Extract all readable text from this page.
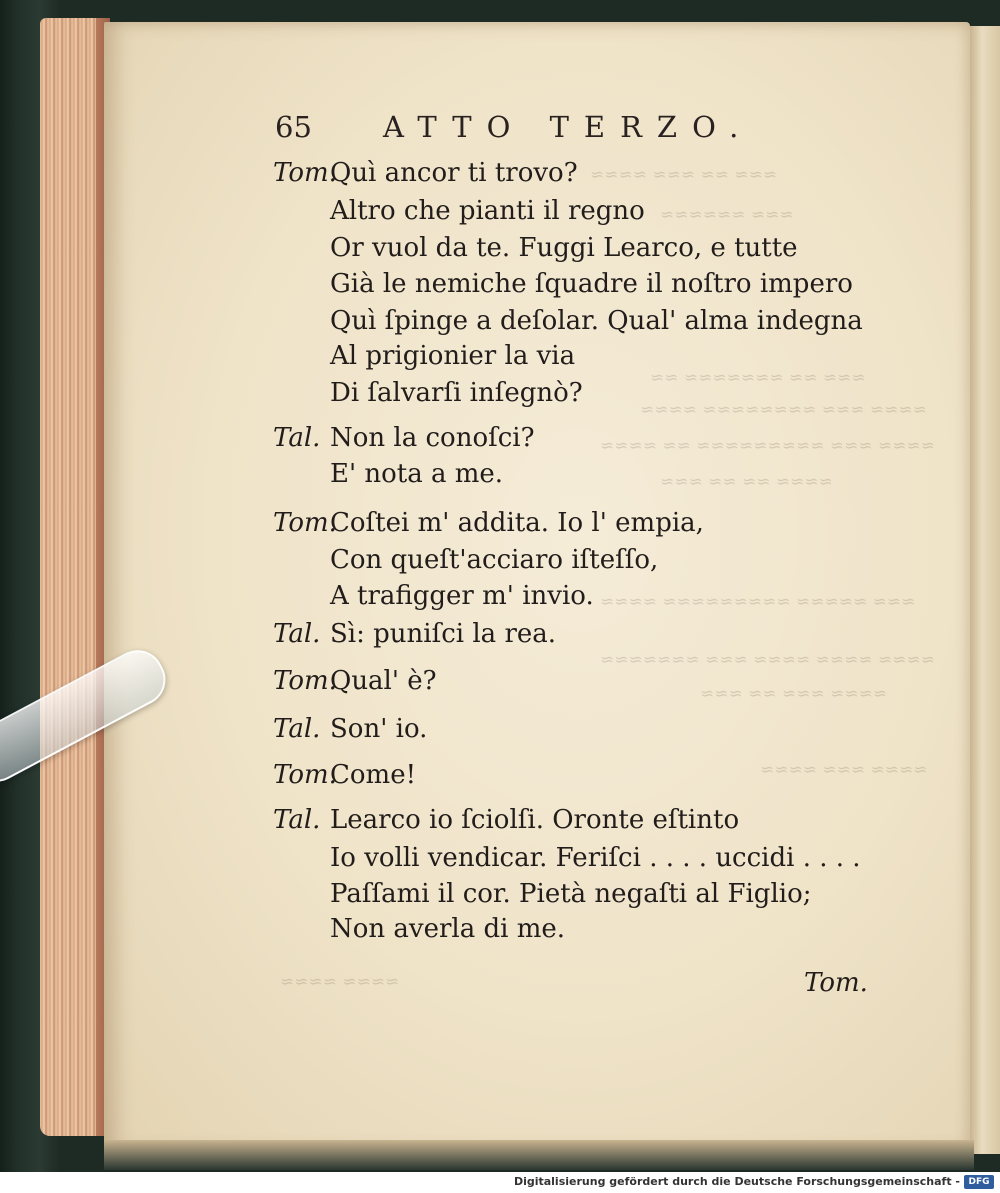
≈≈≈ ≈≈ ≈≈≈ ≈≈≈≈
≈≈≈ ≈≈≈≈≈≈
≈≈≈ ≈≈ ≈≈≈≈≈≈≈ ≈≈
≈≈≈≈ ≈≈≈ ≈≈≈≈≈≈≈≈ ≈≈≈≈
≈≈≈≈ ≈≈≈ ≈≈≈≈≈≈≈≈≈ ≈≈ ≈≈≈≈
≈≈≈≈ ≈≈ ≈≈ ≈≈≈
≈≈≈ ≈≈≈≈≈ ≈≈≈≈≈≈≈≈≈ ≈≈≈≈
≈≈≈≈ ≈≈≈≈ ≈≈≈≈ ≈≈≈ ≈≈≈≈≈≈≈
≈≈≈≈ ≈≈≈ ≈≈ ≈≈≈
≈≈≈≈ ≈≈≈ ≈≈≈≈
≈≈≈≈ ≈≈≈≈
65 ATTO TERZO.
Tom.
Quì ancor ti trovo?
Altro che pianti il regno
Or vuol da te. Fuggi Learco, e tutte
Già le nemiche ſquadre il noſtro impero
Quì ſpinge a deſolar. Qual' alma indegna
Al prigionier la via
Di ſalvarſi inſegnò?
Tal. Non la conoſci?
E' nota a me.
Tom.
Coſtei m' addita. Io l' empia,
Con queſt'acciaro iſteſſo,
A trafigger m' invio.
Tal. Sì: puniſci la rea.
Tom.
Qual' è?
Tal. Son' io.
Tom.
Come!
Tal. Learco io ſciolſi. Oronte eſtinto
Io volli vendicar. Feriſci . . . . uccidi . . . .
Paſſami il cor. Pietà negaſti al Figlio;
Non averla di me.
Tom.
Digitalisierung gefördert durch die Deutsche Forschungsgemeinschaft - DFG
